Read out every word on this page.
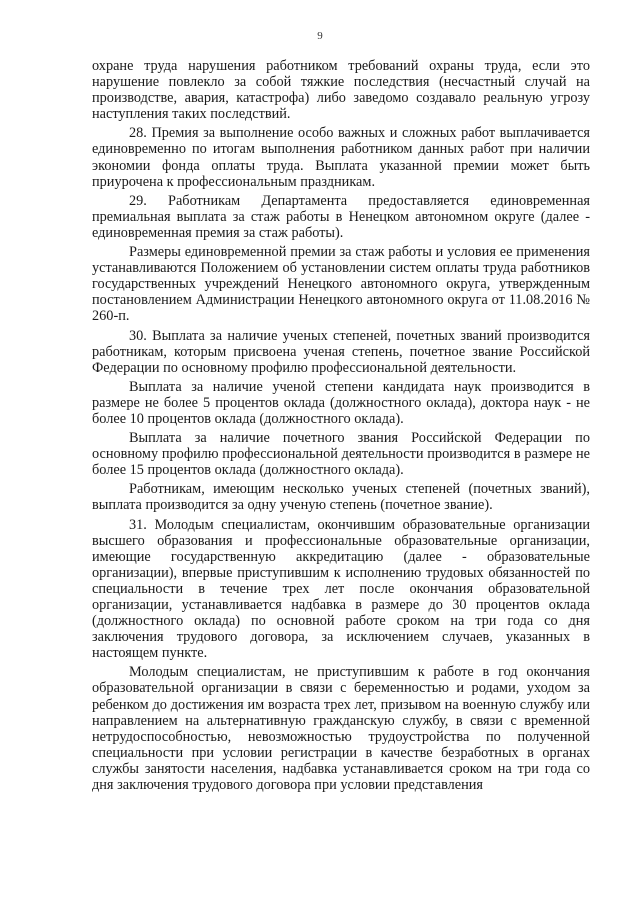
9

охране труда нарушения работником требований охраны труда, если это нарушение повлекло за собой тяжкие последствия (несчастный случай на производстве, авария, катастрофа) либо заведомо создавало реальную угрозу наступления таких последствий.

28. Премия за выполнение особо важных и сложных работ выплачивается единовременно по итогам выполнения работником данных работ при наличии экономии фонда оплаты труда. Выплата указанной премии может быть приурочена к профессиональным праздникам.

29. Работникам Департамента предоставляется единовременная премиальная выплата за стаж работы в Ненецком автономном округе (далее - единовременная премия за стаж работы).

Размеры единовременной премии за стаж работы и условия ее применения устанавливаются Положением об установлении систем оплаты труда работников государственных учреждений Ненецкого автономного округа, утвержденным постановлением Администрации Ненецкого автономного округа от 11.08.2016 № 260-п.

30. Выплата за наличие ученых степеней, почетных званий производится работникам, которым присвоена ученая степень, почетное звание Российской Федерации по основному профилю профессиональной деятельности.

Выплата за наличие ученой степени кандидата наук производится в размере не более 5 процентов оклада (должностного оклада), доктора наук - не более 10 процентов оклада (должностного оклада).

Выплата за наличие почетного звания Российской Федерации по основному профилю профессиональной деятельности производится в размере не более 15 процентов оклада (должностного оклада).

Работникам, имеющим несколько ученых степеней (почетных званий), выплата производится за одну ученую степень (почетное звание).

31. Молодым специалистам, окончившим образовательные организации высшего образования и профессиональные образовательные организации, имеющие государственную аккредитацию (далее - образовательные организации), впервые приступившим к исполнению трудовых обязанностей по специальности в течение трех лет после окончания образовательной организации, устанавливается надбавка в размере до 30 процентов оклада (должностного оклада) по основной работе сроком на три года со дня заключения трудового договора, за исключением случаев, указанных в настоящем пункте.

Молодым специалистам, не приступившим к работе в год окончания образовательной организации в связи с беременностью и родами, уходом за ребенком до достижения им возраста трех лет, призывом на военную службу или направлением на альтернативную гражданскую службу, в связи с временной нетрудоспособностью, невозможностью трудоустройства по полученной специальности при условии регистрации в качестве безработных в органах службы занятости населения, надбавка устанавливается сроком на три года со дня заключения трудового договора при условии представления
